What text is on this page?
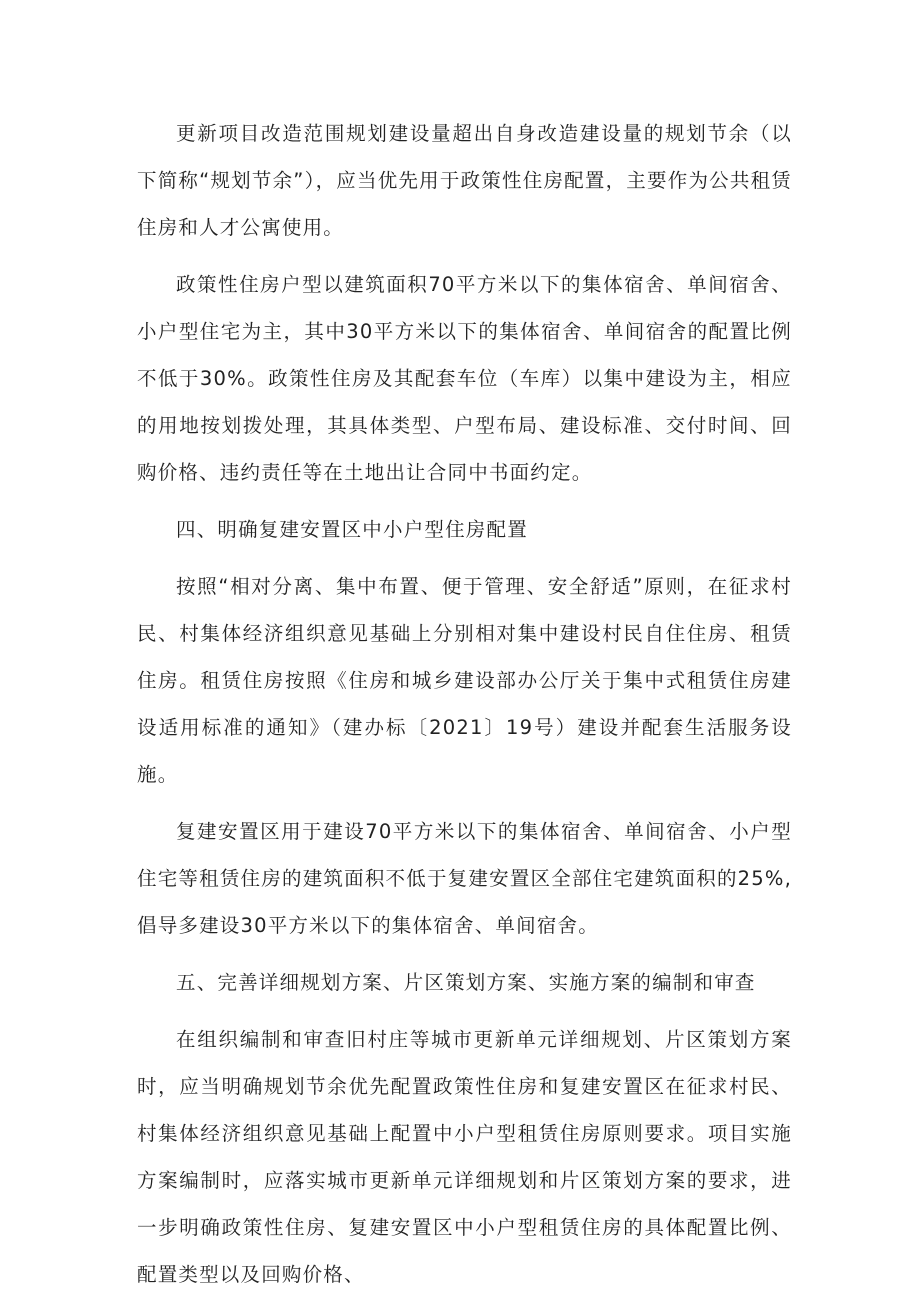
更新项目改造范围规划建设量超出自身改造建设量的规划节余（以下简称“规划节余”），应当优先用于政策性住房配置，主要作为公共租赁住房和人才公寓使用。

政策性住房户型以建筑面积70平方米以下的集体宿舍、单间宿舍、小户型住宅为主，其中30平方米以下的集体宿舍、单间宿舍的配置比例不低于30%。政策性住房及其配套车位（车库）以集中建设为主，相应的用地按划拨处理，其具体类型、户型布局、建设标准、交付时间、回购价格、违约责任等在土地出让合同中书面约定。

四、明确复建安置区中小户型住房配置

按照“相对分离、集中布置、便于管理、安全舒适”原则，在征求村民、村集体经济组织意见基础上分别相对集中建设村民自住住房、租赁住房。租赁住房按照《住房和城乡建设部办公厅关于集中式租赁住房建设适用标准的通知》（建办标〔2021〕19号）建设并配套生活服务设施。

复建安置区用于建设70平方米以下的集体宿舍、单间宿舍、小户型住宅等租赁住房的建筑面积不低于复建安置区全部住宅建筑面积的25%,倡导多建设30平方米以下的集体宿舍、单间宿舍。

五、完善详细规划方案、片区策划方案、实施方案的编制和审查

在组织编制和审查旧村庄等城市更新单元详细规划、片区策划方案时，应当明确规划节余优先配置政策性住房和复建安置区在征求村民、村集体经济组织意见基础上配置中小户型租赁住房原则要求。项目实施方案编制时，应落实城市更新单元详细规划和片区策划方案的要求，进一步明确政策性住房、复建安置区中小户型租赁住房的具体配置比例、配置类型以及回购价格、
